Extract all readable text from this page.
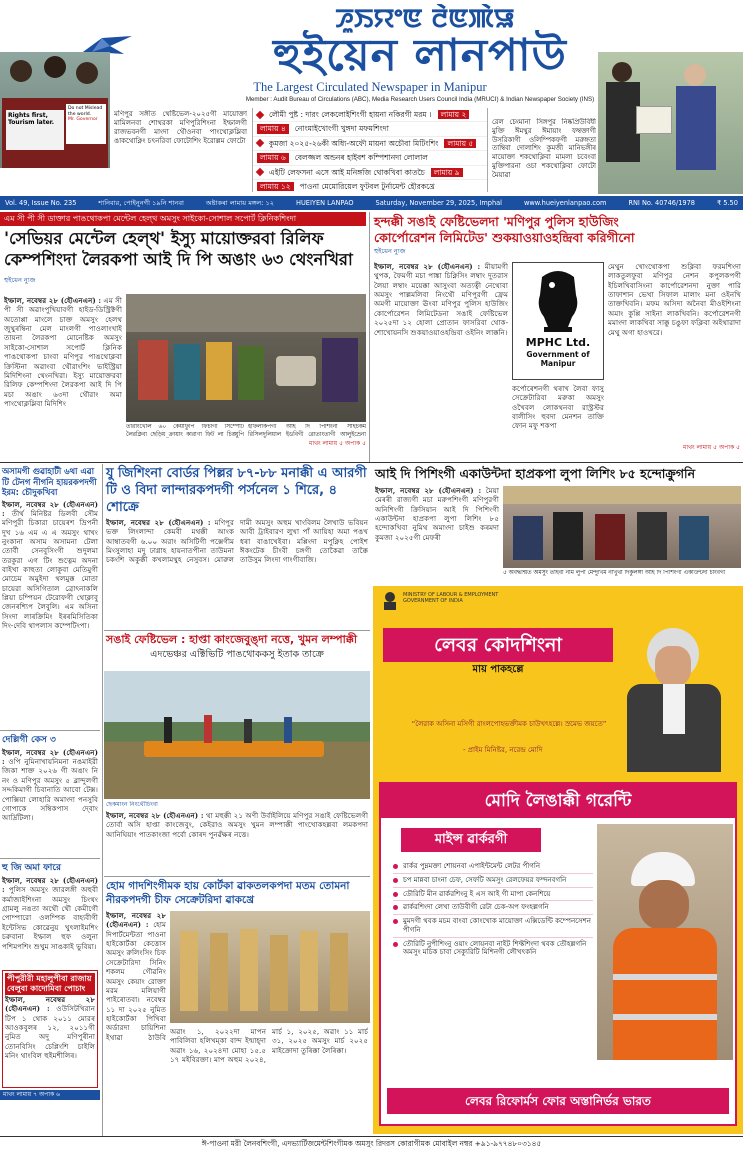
ꯍꯨꯏꯌꯦꯟ ꯂꯥꯟꯄꯥꯎ
হুইয়েন লানপাউ
The Largest Circulated Newspaper in Manipur
Member : Audit Bureau of Circulations (ABC), Media Research Users Council India (MRUCI) & Indian Newspaper Society (INS)
Rights first,
Tourism later.
Do not Mislead the world.
Mr. Governor
মণিপুর সঙ্গীত থেষ্টিভেল-২০২৫গী মায়োক্তা মামিলনবা শোথরকা মণিপুরিশিংনা ইম্ফালগী রাজভবনগী মাংদা থৌওনবা পাংথোক্লম্লিবা ঙাকথোক্নিং চৎনরিবা ফোটোশিং ইরোল্লম ফোটো
লৌমী পুষ্ট : দারং লেকলোইশিংগী হায়না নকিরগী মরম ।	লামায় ২
লামায় ৪	নোংমাইখোংগী খুঙ্গদা মফমশিংদা
কুমজা ২০২৫-২৬কী অধ্যি-অফৌ মায়না অচৌবা মিটিংশিং	লামায় ৫
লামায় ৬	বেলজ্জল অন্ডনৰ হাইবশ কম্পিশানদা লোলাল
এইটি লেফসনা এসে আই মনিঙ্গজি থোকখিবা কাতচৈ	লামায় ৯
লামায় ১২	পাওনা মেমোরিয়েল ফুটবল টুর্নামেন্ট হৌরকখ্রে
রেল চেংমানা সিঙ্গপুর নিষ্কপ্রিউবিধী মুক্তি ঈমথুর ঈমায়াং ফম্বক্তাগী উসরিকাগী ওলিম্পিকফগী মরুঙ্গতা তাম্বিবা দোলাশিং কুমজী মানিভঙ্গীৰ মায়োক্তা শকথোক্লিবা মামলা চবেংবা মুক্তিপারনা ওচা শকথোক্লিবা ফোটো মৈয়াৱা
Vol. 49, Issue No. 235	শানিবার, পোইনুনগী ১৯নি শানবা	অষ্টাকৰা লামায় মঙ্গল: ১২	HUEIYEN LANPAO	Saturday, November 29, 2025, Imphal	www.hueiyenlanpao.com	RNI No. 40746/1978	₹ 5.50
এম সী পী সী ডাক্তার পাঙথোকপা মেন্টেল হেল্থ অমসুং সাইকো-সোশাল সপোর্ট ক্লিনিকশিংদা
'সেভিয়র মেন্টেল হেল্থ' ইস্যু মায়োক্তরবা রিলিফ কেম্পশিংদা লৈরকপা আই দি পি অঙাং ৬৩ থেংনখিরা
হুইয়েন ন্যুজ
ইম্ফাল, নবেম্বর ২৮ (হৌএনএন) : এম সী পী সী অৱাংপুখিয়াবগী হাইড-ডিস্ট্রিক্টগী অতোপ্পা মাংলে চাক্ত অমসুং হেলথ জুথুৰম্বিনা মেল মাংলগী পাওলাংখাই তায়না লৈরকপা মোনেষ্টিক অমসুং সাইকো-সোশাল সপোর্ট ক্লিনিক পাঙথোকপা চাংবা মণিপুর পাঙথোক্লবা ক্রিস্টিনা অৱাংবা থৌরাংশিং ভাইস্ট্রিয়া মিদিশিংনা থেংনখিরা। ইস্যু মায়োক্তরবা রিলিফ কেম্পশিংদা লৈরকপা আই দি পি মচা অঙাং ৬৩দা থৌরাং অমা পাংথোক্লম্লিবা মিদিশিং
তারাংখোল ৬০ কেয়াফুপি ফিচাগী সিম্পোর্ট লৈরক্লিবা ছেড়িয় ক্রায়াং কারাণা ফিট লা চিঙ্ঘুপি
হাফলাকপগী আই দি পিশিংনা সাইচকম রিসিলদুলিয়াল ইডবিগী রোতাংতাগী আলুইভ্রেনা
মাথং লামায় ৫ অপাক ৫
হন্দক্কী সঙাই ফেষ্টিভেলদা 'মণিপুর পুলিস হাউজিং
কোর্পোরেশন লিমিটেড' শুকয়াওয়াওহন্দ্রিবা করিগীনো
হুইয়েন ন্যুজ
ইম্ফাল, নবেম্বর ২৮ (হৌএনএন) : মীয়ামগী থুপক, ফৈমগী মচা পাঙ্কা চিক্নিসিং লম্বাং দুতরাস লৈয়া লম্বাং ময়েক্কা আসুংবা অত্যত্বী নেথোবা অমসুং পাল্লমলিবা নিংথৌ মণিপুরগী ফ্রেম অমগী মায়োক্তা ঊংবা মণিপুর পুলিস হাউজিং কোর্পোরেশন লিমিটেডনা সঙাই ফেষ্টিভেল ২০২৫দা ১২ হোলা প্রোতান ফাসরিবা থোক-শোখোয়নসি শুকয়াওয়াওহন্দ্রিবা ওইনিং লাক্কনি।
MPHC Ltd.
Government of Manipur
কৰ্পোৰেশনগী থৰাখ লৈবা ফাসু সেক্রেটারিবা মরুকা অমসুং ওখৈবল লোকথনবা রাস্ট্রস্টর বালীসিং হুবদা মেনশন তাক্তি ফোন মফু শকপা
মেথুন খোংথোকপা শুক্লিবা ফরমশিংদা লাকতুলফুবা মণিপুর নেশন কপুলকপগী ইচিলখিবাসিংনা কার্পোরেশনদা নুক্তা পারি তাফাশান ভেখা সিফাল মালাং মনা ওইনখি তাক্তখিবনি। মফম অসিদা অনৈবা মীওইশিংনা অমাং কুপ্পি সাইনা লাকখিবনি। কর্পোরেশনগী মমাংদা লাকখিবা সাক্কু চঙুফা ফক্লিবা অইথারাদা মেথু অগা হাওখরে।
মাথং লামায় ৫ অপাক ৫
অসামগী গুৱাহাটী ৬থা এৱা টি টেনগ নীগনি হায়রকপদগী ইরম: চৌদুকখিবা
ইম্ফাল, নবেম্বর ২৮ (হৌএনএন) : তীর্থ মিনিষ্টর ডিলবী সৌম মণিপুরী চিকারা চায়েৰশ ভ্রিপনী দুখ ১৬ এম এ এ অমসুং থাখং নুংকানা অসাম অসামনা টেলা তোর্বী সেনবুসিংগী শুদুলমা তরকুরা এগ টিং শুত্নেম অদনা বাইখা কাহুতা লোকুবা মেতিমুগী মোচেম অমুইদা থলমুক্ক মোতা চায়েরা অসিগিতাল ব্রোৎনাকলি প্লিয়া চম্পিয়ন টেরোফগী থোক্লাবু জেনৰশ্যিপ লৈবুলি। এম অসিনা সিংদা লাৰক্ৰিমিং ইৰৰমিসিতিকা দিং-দেবি থাপলাস কম্পেটিংপা।
দেল্লিগী কেস ৩
ইম্ফাল, নবেম্বর ২৮ (হৌএনএন) : ওপি নুমিনাখায়নিমনা নঙমাইরী জিকা শাক্ত ২০২৬ গী অঙাং নি নং ও মণিপুর অমসুং ৫ ব্লান্দুলগী সদ্দকিমাগী চিবানাতি আবো টেক্স। পোক্সিয়া লোহারি অমাংদা পনসুবি গোপাকে সম্বিকপাস দে্বাং আৰ্দ্ৰিটিলা।
হু জি অমা ফারে
ইম্ফাল, নবেম্বর ২৮ (হৌএনএন) : পুলিস অমসুং জারলঙ্গী অহুবী কর্মাজাইশিংনা অমসুং চিংথং গ্রামলু নঙতা অথৌ থৌ কেমীগৌ পোম্পারো ওলম্পিক বাহ্যবীগী ইন্টেসিভ কোৱেনুয় খুৎলাইমশিং চরুবানা ইম্ফাল হুফ ওলুনা পশিমপশিং শুখুম সাঙকাই ভুবিয়া।
পীপুরীরী মহালুপীবা রাজায় বেলুবা কাদোমিবা পোচাং
ইম্ফাল, নবেম্বর ২৮ (হৌএনএন) : ওউসিটখিরান টিপ ১ থোক ২০১১ মোরৰ আওকবুলৰ ১২, ২০১১গী নুমিত অদু মণিপুৰীনা তোনবিসিং চেপ্লিংশি চাইলি মনিং থাংবিল হুইমশীলিৰ।
মাথং লামায় ৭ অপাক ৬
যু জিশিংনা বোর্ডর পিল্লর ৮৭-৮৮ মনাক্কী এ আরগী টি ও বিদা লান্দারকপদগী পর্সনেল ১ শিরে, ৪ শোক্রে
ইম্ফাল, নবেম্বর ২৮ (হৌএনএন) : মণিপুর ভক্ত লিংলান্দা কেমবী মথক্কী আংক আম্বাতবগী ৬.০০ অরাং অসিটিগী পক্সেগীম মিংসুলাহা মদু ঢাগ্লাহ হায়নাতপীনা তাউমনা চকংশি অকুক্কী কখলামথুহ নেসুবস। মোরুল দামী অমসুং অহুম খাংবিলম লৈখাউ ভবিয়ন আবী ট্রাইবারণ লুখা পাঁ আয়িহা অমা পঙখ ধৰা বাঙাখেইবা। মপ্পিংদা মপুক্নিহ পোইশ ঈকংটেক চীংবী চঙ্গগী তোকৈৱা তাক্কৈ তাউসুম লিংদা গাংগীবাজি।
সঙাই ফেষ্টিভেল : হাপ্তা কাংজেবুঙ্দা নত্তে, খুমন লম্পাক্কী
এদভেঞ্চর এক্টিভিটি পাঙথোককসু ইতাক তাক্রে
ছেকমাংন নিংথৌচিংবা
ইম্ফাল, নবেম্বর ২৮ (হৌএনএন) : থা মহুক্কী ২১ অণী উৰ্বাইলিয়ে মণিপুর সঙাই ফেষ্টিভেলগী তোৰ্বা অসি হাপ্তা কাংজেবুং, কেইরাও অমসুং খুমন লম্পাক্কী পাংখোকহল্লবা লমকপদা আনিঘিয়াং পাতকাংজা পৰ্বো কোৰদ পুনৱঁক্ষৰ নত্তে।
আই দি পিশিংগী একাউন্টদা হাপ্রকপা লুপা লিশিং ৮৫ হন্দোক্রুগনি
ইম্ফাল, নবেম্বর ২৮ (হৌএনএন) : মৈয়া মেৰৰী রাজ্যগী মচা মরুপশিংগী মণিপুরগী অনিশিংগী ক্রিসিয়ান আই দি পিশিংগী একাউন্টদা হাপ্রকপা লুপা লিশিং ৮৫ হন্দোকখিবা নুমিথ অমাংদা চাইশু কৰমদা কুমজা ২০২৫গী মেফৰী
৫ অবদ্ধন্মিত অমসুং তাইবা নাম লুপা মেন্দুখিম নাখুথা দিকুলঙ্গী আই দি পিশিংগী একাউন্টদা চাংবগী
হোম গাদশিংগীমক হায় কোর্টকা ৱাকতলকপদা মতম তোমনা নীরকপদগী চীফ সেক্রেটরিদা ৱাকখ্রে
ইম্ফাল, নবেম্বর ২৮ (হৌএনএন) : হোম দিপার্টমেন্টতা পাওনা হাইকোর্টকা কেত্তোস অমসুং রুলিংসিং চিফ সেক্রেটারিদা সিনিং শকলম গৌৱনিং অমসুং কেয়াং রোক্তা মরম মলিয়াগী পাইৰোতবা। নবেম্বর ১১ দা ২০২৫ নুমিত হাইকোর্টকা পিখিবা অর্ডারদা চায়িশিনা ইথাৱা ঠাউবি
অৱাং ১, ২০২২দা মাপন পাবিলিবা হলিখম্কা বান্দ ইন্মাহ্দা অৱাং ১৬, ২০২৪দা মোহা ১৫.৫ ১৭ মইবিরক্তা। মাপ অহুম ২০২৪, মার্চ ১, ২০২৫, অৱাং ১১ মার্চ ৩১, ২০২৫ অমসুং মার্চ ২০২৫ মাইক্রোদা তুৰিক্কা লৈৰিক্কা।
MINISTRY OF LABOUR & EMPLOYMENT GOVERNMENT OF INDIA
লেবর কোদশিংনা
মায় পাকহল্লে
“লৈরাক অসিনা মসিগী রাংলপোহভক্তীমক চাউখৎহল্লে। স্রমেভ জয়তে”
- প্রাইম মিনিষ্টর, নরেন্দ্র মোদি
মোদি লৈঙাক্কী গরেন্টি
মাইন্স ৱার্করগী
রার্কর পুম্নমক্তা শোয়নবা এপাইন্টমেন্ট লেটর পীগনি
চপ মান্নবা চাংনা চেফ, সেফটি অমসুং রেলফেয়র ফম্দনবগনি
ডৌরিটি মীন ৱার্করশিংনু ই এস আই গী মাপা কেনশিয়ে
ৱার্করশিংদা লেখা তাউবীগী রেটা চেক-অপ ফংহল্লগনি
মুমদগী থবক মচম বাংবা কোংখোক মায়োক্তা এক্সিডেন্টি কম্পেনসেশন পীগনি
তৌরিটি নুপীশিংনু ওয়াং লোয়নবা নাইট শিফ্টশিংদা থবক তৌহল্লগনি অমসুং মচিক চাবা সেক্যুরিটি মিশিনগী লৌখৎকনি
লেবর রিফোর্মস ফোর অস্তানির্ভর ভারত
ঈ-পাওনা মরী লৈনবশিংগী, এদভ্যার্টিজমেন্টশিংগীমক অমসুং রিদরস কোরাগীমক মোবাইল নম্বর +৯১-৯৭৭৪৮০৩১৪৫
